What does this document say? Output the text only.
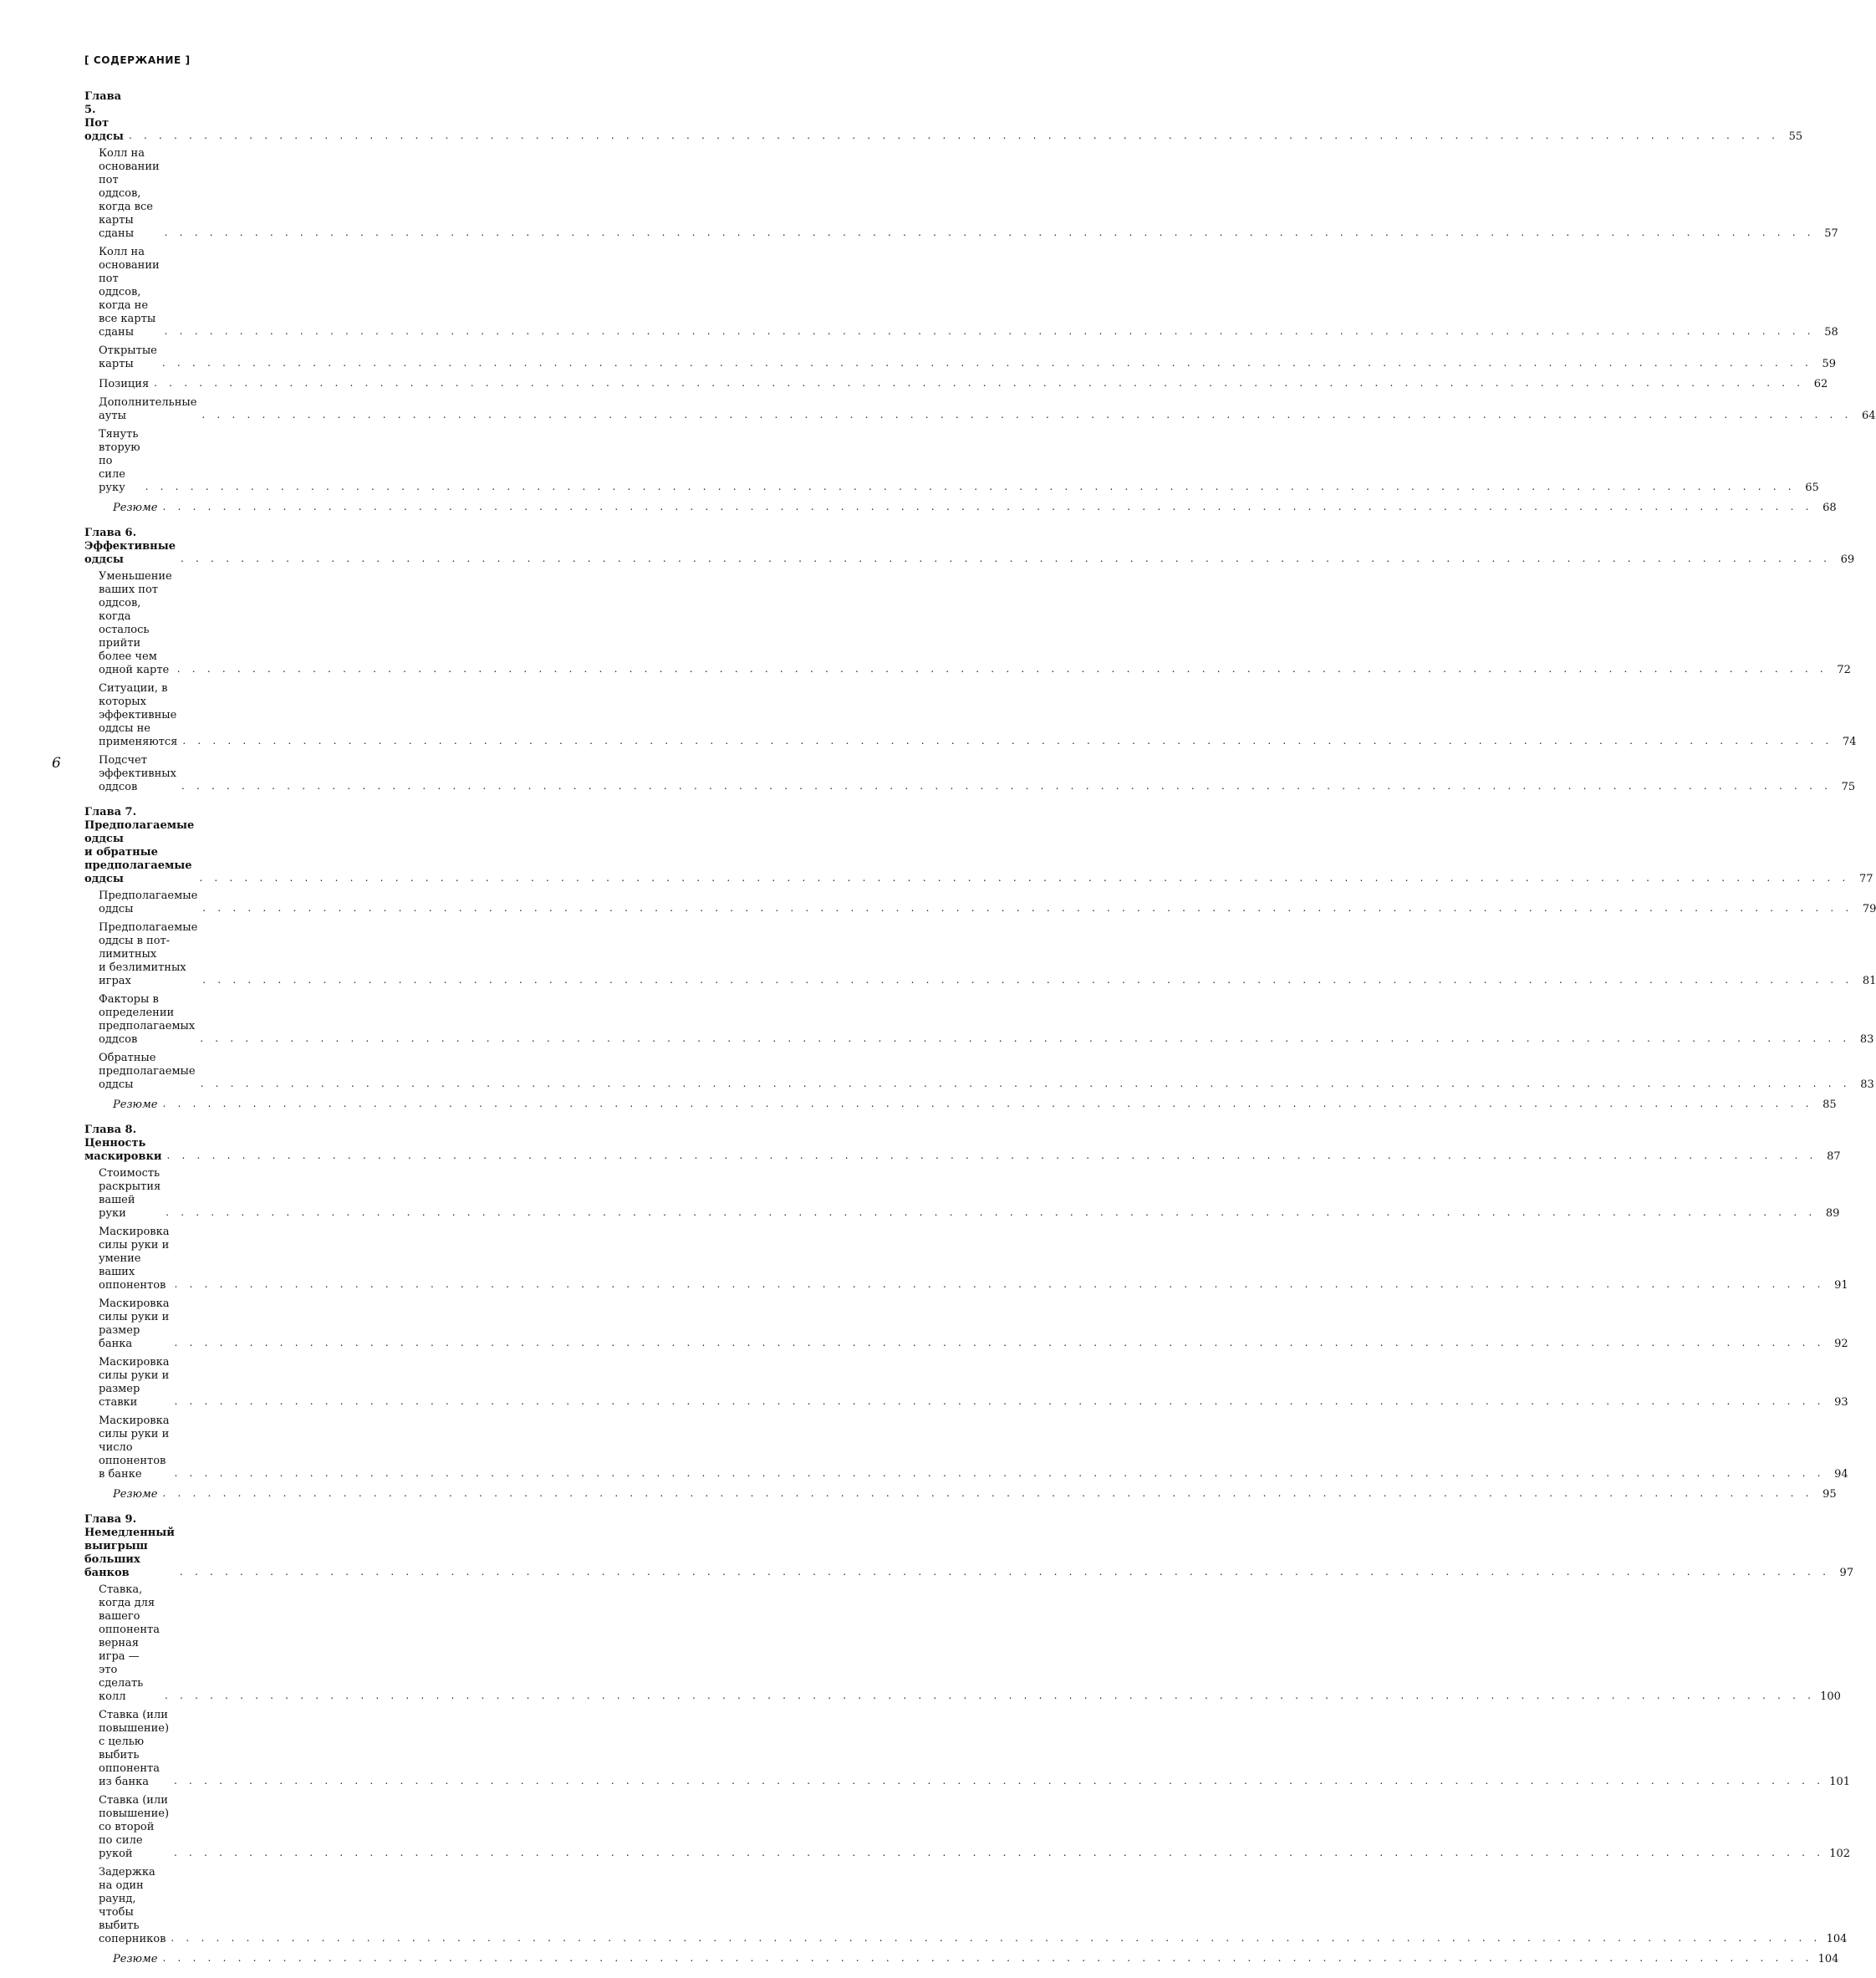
[ СОДЕРЖАНИЕ ]
Глава 5. Пот оддсы . . .	55
Колл на основании пот оддсов, когда все карты сданы . . .	57
Колл на основании пот оддсов, когда не все карты сданы . . .	58
Открытые карты . . .	59
Позиция . . .	62
Дополнительные ауты . . .	64
Тянуть вторую по силе руку . . .	65
Резюме . . .	68
Глава 6. Эффективные оддсы . . .	69
Уменьшение ваших пот оддсов,
когда осталось прийти более чем одной карте . . .	72
Ситуации, в которых эффективные оддсы не применяются . . .	74
Подсчет эффективных оддсов . . .	75
Глава 7. Предполагаемые оддсы
и обратные предполагаемые оддсы . . .	77
Предполагаемые оддсы . . .	79
Предполагаемые оддсы в пот-лимитных
и безлимитных играх . . .	81
Факторы в определении предполагаемых оддсов . . .	83
Обратные предполагаемые оддсы . . .	83
Резюме . . .	85
Глава 8. Ценность маскировки . . .	87
Стоимость раскрытия вашей руки . . .	89
Маскировка силы руки и умение ваших оппонентов . . .	91
Маскировка силы руки и размер банка . . .	92
Маскировка силы руки и размер ставки . . .	93
Маскировка силы руки и число оппонентов в банке . . .	94
Резюме . . .	95
Глава 9. Немедленный выигрыш больших банков . . .	97
Ставка, когда для вашего оппонента
верная игра — это сделать колл . . .	100
Ставка (или повышение) с целью выбить оппонента из банка . . .	101
Ставка (или повышение) со второй по силе рукой . . .	102
Задержка на один раунд, чтобы выбить соперников . . .	104
Резюме . . .	104
6
